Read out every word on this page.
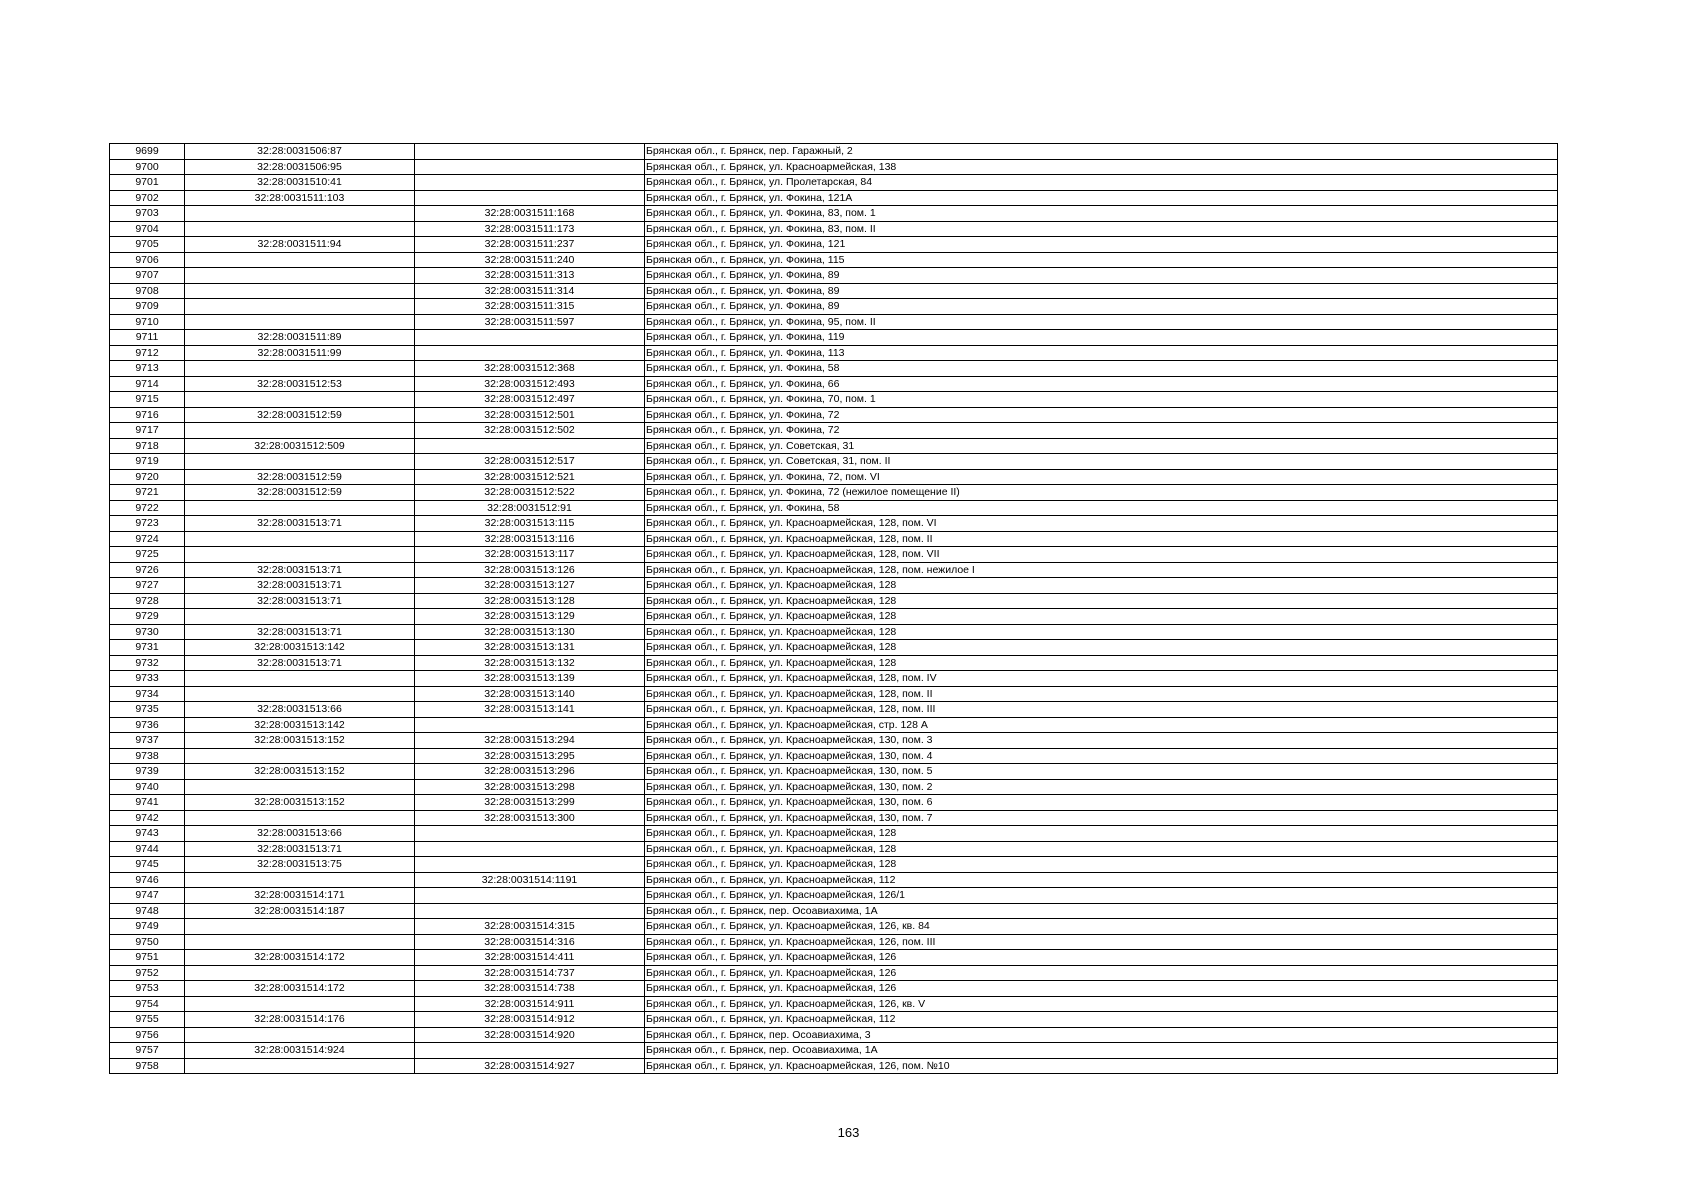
9699	32:28:0031506:87		Брянская обл., г. Брянск, пер. Гаражный, 2
9700	32:28:0031506:95		Брянская обл., г. Брянск, ул. Красноармейская, 138
9701	32:28:0031510:41		Брянская обл., г. Брянск, ул. Пролетарская, 84
9702	32:28:0031511:103		Брянская обл., г. Брянск, ул. Фокина, 121А
9703		32:28:0031511:168	Брянская обл., г. Брянск, ул. Фокина, 83, пом. 1
9704		32:28:0031511:173	Брянская обл., г. Брянск, ул. Фокина, 83, пом. II
9705	32:28:0031511:94	32:28:0031511:237	Брянская обл., г. Брянск, ул. Фокина, 121
9706		32:28:0031511:240	Брянская обл., г. Брянск, ул. Фокина, 115
9707		32:28:0031511:313	Брянская обл., г. Брянск, ул. Фокина, 89
9708		32:28:0031511:314	Брянская обл., г. Брянск, ул. Фокина, 89
9709		32:28:0031511:315	Брянская обл., г. Брянск, ул. Фокина, 89
9710		32:28:0031511:597	Брянская обл., г. Брянск, ул. Фокина, 95, пом. II
9711	32:28:0031511:89		Брянская обл., г. Брянск, ул. Фокина, 119
9712	32:28:0031511:99		Брянская обл., г. Брянск, ул. Фокина, 113
9713		32:28:0031512:368	Брянская обл., г. Брянск, ул. Фокина, 58
9714	32:28:0031512:53	32:28:0031512:493	Брянская обл., г. Брянск, ул. Фокина, 66
9715		32:28:0031512:497	Брянская обл., г. Брянск, ул. Фокина, 70, пом. 1
9716	32:28:0031512:59	32:28:0031512:501	Брянская обл., г. Брянск, ул. Фокина, 72
9717		32:28:0031512:502	Брянская обл., г. Брянск, ул. Фокина, 72
9718	32:28:0031512:509		Брянская обл., г. Брянск, ул. Советская, 31
9719		32:28:0031512:517	Брянская обл., г. Брянск, ул. Советская, 31, пом. II
9720	32:28:0031512:59	32:28:0031512:521	Брянская обл., г. Брянск, ул. Фокина, 72, пом. VI
9721	32:28:0031512:59	32:28:0031512:522	Брянская обл., г. Брянск, ул. Фокина, 72 (нежилое помещение II)
9722		32:28:0031512:91	Брянская обл., г. Брянск, ул. Фокина, 58
9723	32:28:0031513:71	32:28:0031513:115	Брянская обл., г. Брянск, ул. Красноармейская, 128, пом. VI
9724		32:28:0031513:116	Брянская обл., г. Брянск, ул. Красноармейская, 128, пом. II
9725		32:28:0031513:117	Брянская обл., г. Брянск, ул. Красноармейская, 128, пом. VII
9726	32:28:0031513:71	32:28:0031513:126	Брянская обл., г. Брянск, ул. Красноармейская, 128, пом. нежилое I
9727	32:28:0031513:71	32:28:0031513:127	Брянская обл., г. Брянск, ул. Красноармейская, 128
9728	32:28:0031513:71	32:28:0031513:128	Брянская обл., г. Брянск, ул. Красноармейская, 128
9729		32:28:0031513:129	Брянская обл., г. Брянск, ул. Красноармейская, 128
9730	32:28:0031513:71	32:28:0031513:130	Брянская обл., г. Брянск, ул. Красноармейская, 128
9731	32:28:0031513:142	32:28:0031513:131	Брянская обл., г. Брянск, ул. Красноармейская, 128
9732	32:28:0031513:71	32:28:0031513:132	Брянская обл., г. Брянск, ул. Красноармейская, 128
9733		32:28:0031513:139	Брянская обл., г. Брянск, ул. Красноармейская, 128, пом. IV
9734		32:28:0031513:140	Брянская обл., г. Брянск, ул. Красноармейская, 128, пом. II
9735	32:28:0031513:66	32:28:0031513:141	Брянская обл., г. Брянск, ул. Красноармейская, 128, пом. III
9736	32:28:0031513:142		Брянская обл., г. Брянск, ул. Красноармейская, стр. 128 А
9737	32:28:0031513:152	32:28:0031513:294	Брянская обл., г. Брянск, ул. Красноармейская, 130, пом. 3
9738		32:28:0031513:295	Брянская обл., г. Брянск, ул. Красноармейская, 130, пом. 4
9739	32:28:0031513:152	32:28:0031513:296	Брянская обл., г. Брянск, ул. Красноармейская, 130, пом. 5
9740		32:28:0031513:298	Брянская обл., г. Брянск, ул. Красноармейская, 130, пом. 2
9741	32:28:0031513:152	32:28:0031513:299	Брянская обл., г. Брянск, ул. Красноармейская, 130, пом. 6
9742		32:28:0031513:300	Брянская обл., г. Брянск, ул. Красноармейская, 130, пом. 7
9743	32:28:0031513:66		Брянская обл., г. Брянск, ул. Красноармейская, 128
9744	32:28:0031513:71		Брянская обл., г. Брянск, ул. Красноармейская, 128
9745	32:28:0031513:75		Брянская обл., г. Брянск, ул. Красноармейская, 128
9746		32:28:0031514:1191	Брянская обл., г. Брянск, ул. Красноармейская, 112
9747	32:28:0031514:171		Брянская обл., г. Брянск, ул. Красноармейская, 126/1
9748	32:28:0031514:187		Брянская обл., г. Брянск, пер. Осоавиахима, 1А
9749		32:28:0031514:315	Брянская обл., г. Брянск, ул. Красноармейская, 126, кв. 84
9750		32:28:0031514:316	Брянская обл., г. Брянск, ул. Красноармейская, 126, пом. III
9751	32:28:0031514:172	32:28:0031514:411	Брянская обл., г. Брянск, ул. Красноармейская, 126
9752		32:28:0031514:737	Брянская обл., г. Брянск, ул. Красноармейская, 126
9753	32:28:0031514:172	32:28:0031514:738	Брянская обл., г. Брянск, ул. Красноармейская, 126
9754		32:28:0031514:911	Брянская обл., г. Брянск, ул. Красноармейская, 126, кв. V
9755	32:28:0031514:176	32:28:0031514:912	Брянская обл., г. Брянск, ул. Красноармейская, 112
9756		32:28:0031514:920	Брянская обл., г. Брянск, пер. Осоавиахима, 3
9757	32:28:0031514:924		Брянская обл., г. Брянск, пер. Осоавиахима, 1А
9758		32:28:0031514:927	Брянская обл., г. Брянск, ул. Красноармейская, 126, пом. №10
163
